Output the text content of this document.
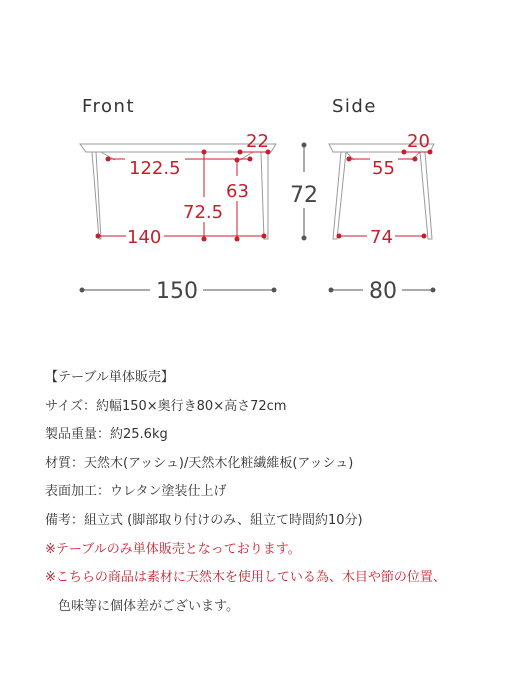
Front	Side
22
122.5
63
72.5
140
20
55
74
72
150	80
【テーブル単体販売】
サイズ：約幅150×奥行き80×高さ72cm
製品重量：約25.6kg
材質：天然木(アッシュ)/天然木化粧繊維板(アッシュ)
表面加工：ウレタン塗装仕上げ
備考：組立式 (脚部取り付けのみ、組立て時間約10分)
※テーブルのみ単体販売となっております。
※こちらの商品は素材に天然木を使用している為、木目や節の位置、
色味等に個体差がございます。
